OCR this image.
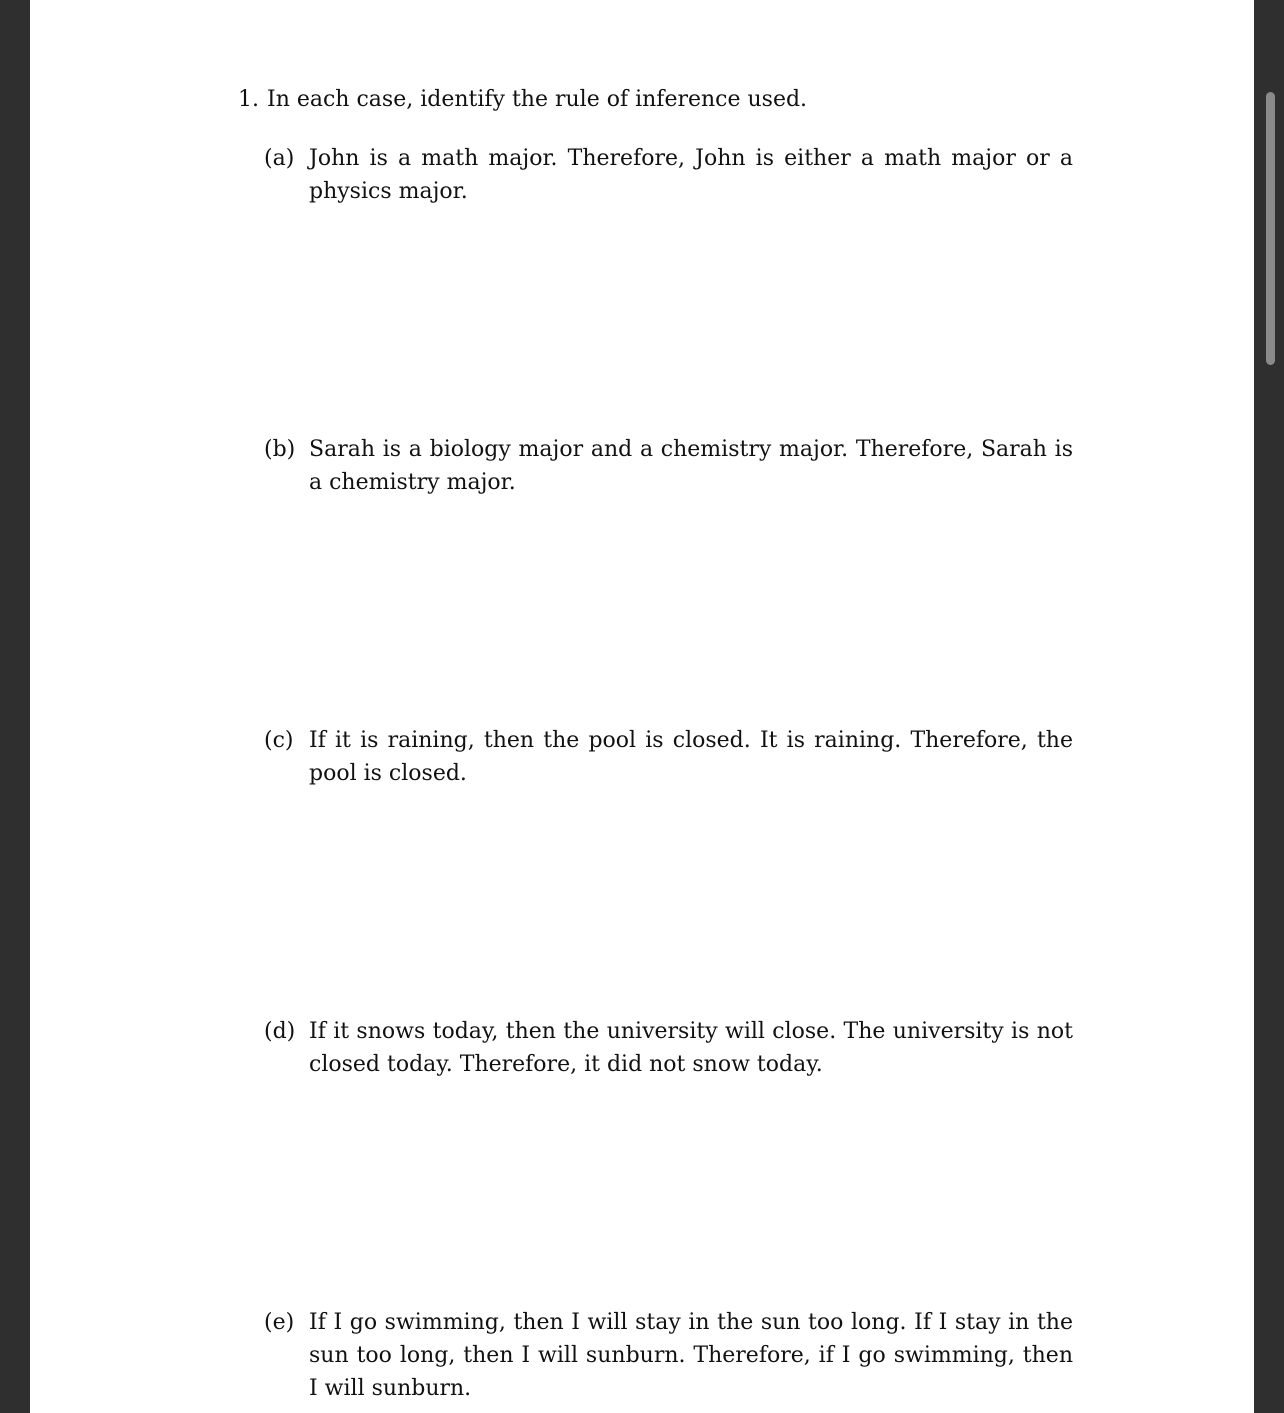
1. In each case, identify the rule of inference used.
(a) John is a math major. Therefore, John is either a math major or a physics major.
(b) Sarah is a biology major and a chemistry major. Therefore, Sarah is a chemistry major.
(c) If it is raining, then the pool is closed. It is raining. Therefore, the pool is closed.
(d) If it snows today, then the university will close. The university is not closed today. Therefore, it did not snow today.
(e) If I go swimming, then I will stay in the sun too long. If I stay in the sun too long, then I will sunburn. Therefore, if I go swimming, then I will sunburn.
